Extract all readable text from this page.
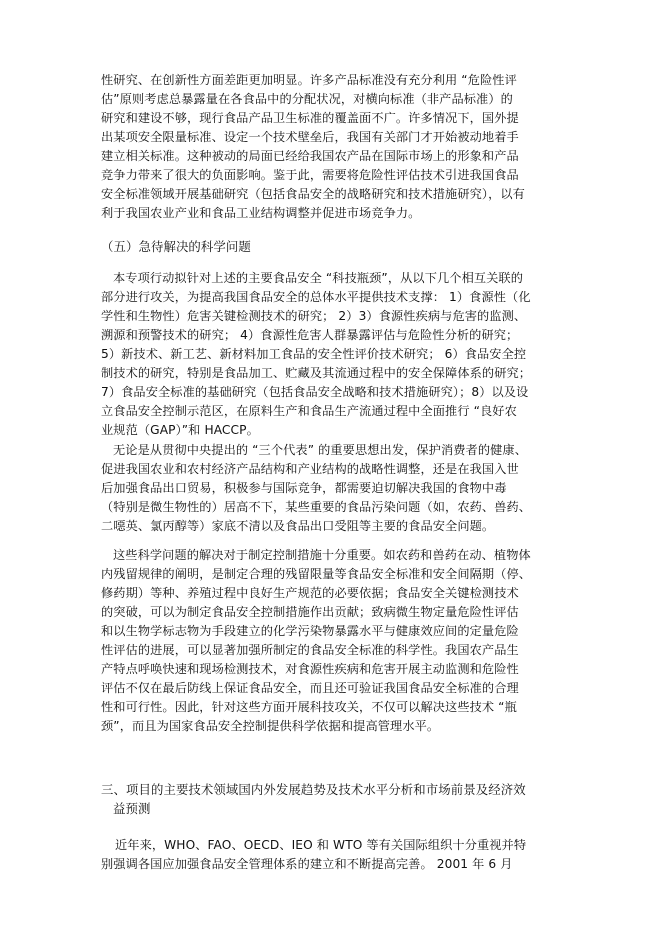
性研究、在创新性方面差距更加明显。许多产品标准没有充分利用 “危险性评
估”原则考虑总暴露量在各食品中的分配状况，对横向标准（非产品标准）的
研究和建设不够，现行食品产品卫生标准的覆盖面不广。许多情况下，国外提
出某项安全限量标准、设定一个技术壁垒后，我国有关部门才开始被动地着手
建立相关标准。这种被动的局面已经给我国农产品在国际市场上的形象和产品
竞争力带来了很大的负面影响。鉴于此，需要将危险性评估技术引进我国食品
安全标准领域开展基础研究（包括食品安全的战略研究和技术措施研究），以有
利于我国农业产业和食品工业结构调整并促进市场竞争力。
（五）急待解决的科学问题
本专项行动拟针对上述的主要食品安全 “科技瓶颈”，从以下几个相互关联的
部分进行攻关，为提高我国食品安全的总体水平提供技术支撑： 1）食源性（化
学性和生物性）危害关键检测技术的研究； 2）3）食源性疾病与危害的监测、
溯源和预警技术的研究； 4）食源性危害人群暴露评估与危险性分析的研究；
5）新技术、新工艺、新材料加工食品的安全性评价技术研究； 6）食品安全控
制技术的研究，特别是食品加工、贮藏及其流通过程中的安全保障体系的研究；
7）食品安全标准的基础研究（包括食品安全战略和技术措施研究）；8）以及设
立食品安全控制示范区，在原料生产和食品生产流通过程中全面推行 “良好农
业规范（GAP）”和 HACCP。
无论是从贯彻中央提出的 “三个代表” 的重要思想出发，保护消费者的健康、
促进我国农业和农村经济产品结构和产业结构的战略性调整，还是在我国入世
后加强食品出口贸易，积极参与国际竞争，都需要迫切解决我国的食物中毒
（特别是微生物性的）居高不下，某些重要的食品污染问题（如，农药、兽药、
二噁英、氯丙醇等）家底不清以及食品出口受阻等主要的食品安全问题。
这些科学问题的解决对于制定控制措施十分重要。如农药和兽药在动、植物体
内残留规律的阐明，是制定合理的残留限量等食品安全标准和安全间隔期（停、
修药期）等种、养殖过程中良好生产规范的必要依据；食品安全关键检测技术
的突破，可以为制定食品安全控制措施作出贡献；致病微生物定量危险性评估
和以生物学标志物为手段建立的化学污染物暴露水平与健康效应间的定量危险
性评估的进展，可以显著加强所制定的食品安全标准的科学性。我国农产品生
产特点呼唤快速和现场检测技术，对食源性疾病和危害开展主动监测和危险性
评估不仅在最后防线上保证食品安全，而且还可验证我国食品安全标准的合理
性和可行性。因此，针对这些方面开展科技攻关，不仅可以解决这些技术 “瓶
颈”，而且为国家食品安全控制提供科学依据和提高管理水平。
三、项目的主要技术领域国内外发展趋势及技术水平分析和市场前景及经济效
益预测
近年来，WHO、FAO、OECD、IEO 和 WTO 等有关国际组织十分重视并特
别强调各国应加强食品安全管理体系的建立和不断提高完善。 2001 年 6 月
